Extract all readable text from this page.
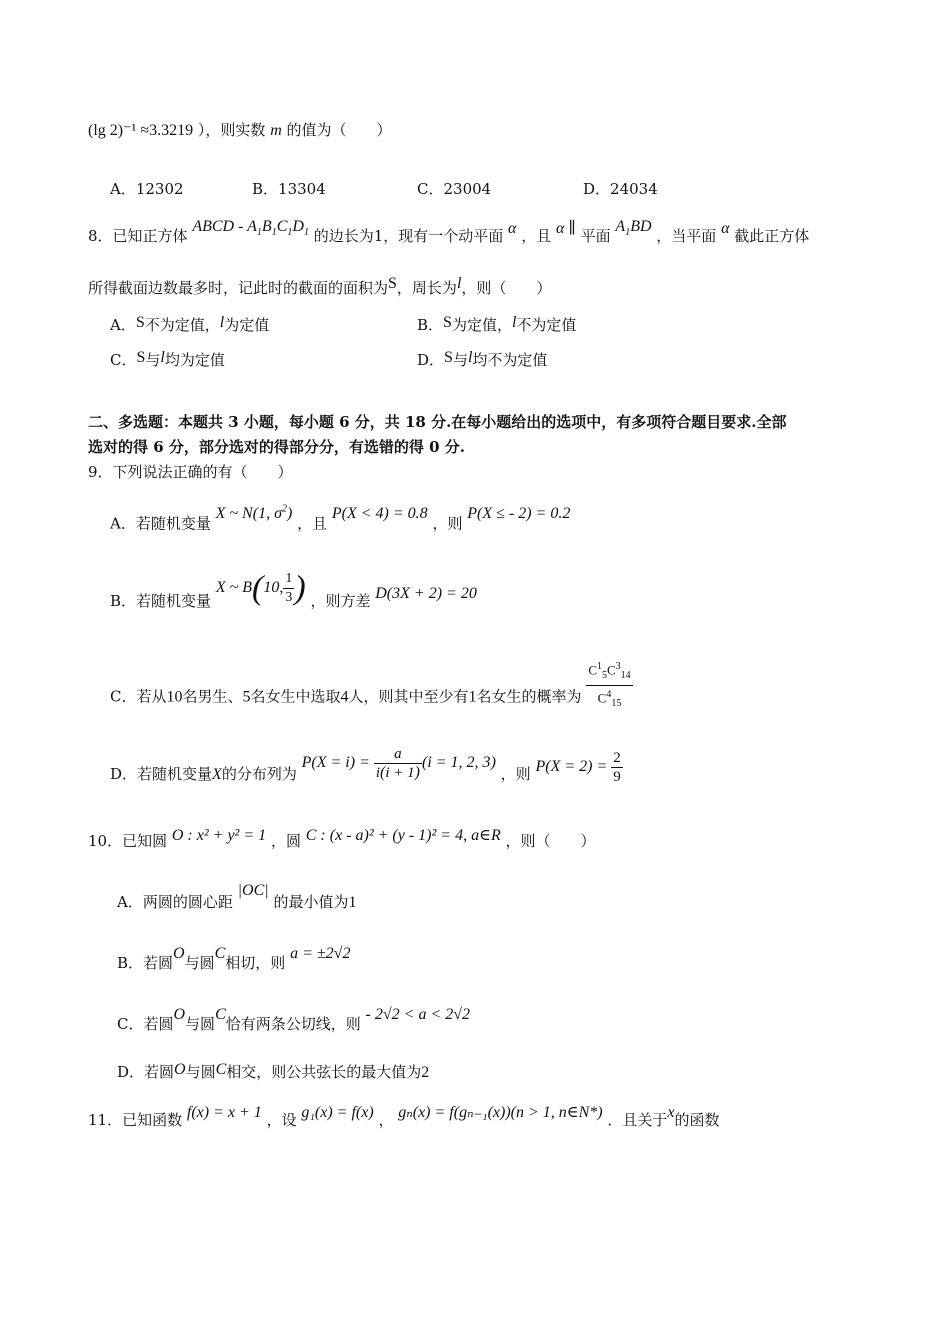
(lg 2)⁻¹ ≈3.3219 ），则实数 m 的值为（　　）
A．12302	B．13304	C．23004	D．24034
8．已知正方体 ABCD - $A_1B_1C_1D_1$ 的边长为1，现有一个动平面 α ，且 α ∥ 平面 $A_1BD$ ，当平面 α 截此正方体
所得截面边数最多时，记此时的截面的面积为S，周长为l，则（　　）
A．S不为定值，l为定值	B．S为定值，l不为定值
C．S与l均为定值	D．S与l均不为定值
二、多选题：本题共 3 小题，每小题 6 分，共 18 分.在每小题给出的选项中，有多项符合题目要求.全部
选对的得 6 分，部分选对的得部分分，有选错的得 0 分.
9．下列说法正确的有（　　）
A．若随机变量 X ~ N(1, $\sigma^2$) ，且 P(X < 4) = 0.8 ，则 P(X ≤ - 2) = 0.2
B．若随机变量 X ~ B(10, $\frac{1}{3}$ ) ，则方差 D(3X + 2) = 20
C．若从10名男生、5名女生中选取4人，则其中至少有1名女生的概率为 $\frac{C^1_5C^3_{14}}{C^4_{15}}$
D．若随机变量X的分布列为 $P(X = i) = \frac{a}{i(i + 1)} (i = 1$, 2, 3) ，则 $P(X = 2) = \frac{2}{9}$
10．已知圆 O : x² + y² = 1 ，圆 C : (x - a)² + (y - 1)² = 4, a∈R ，则（　　）
A．两圆的圆心距 |OC| 的最小值为1
B．若圆O与圆C相切，则 a = ±2√2
C．若圆O与圆C恰有两条公切线，则 - 2√2 < a < 2√2
D．若圆O与圆C相交，则公共弦长的最大值为2
11．已知函数 f(x) = x + 1 ，设 g₁(x) = f(x) ， gₙ(x) = f(gₙ₋₁(x))(n > 1, n∈N*) ．且关于x的函数
